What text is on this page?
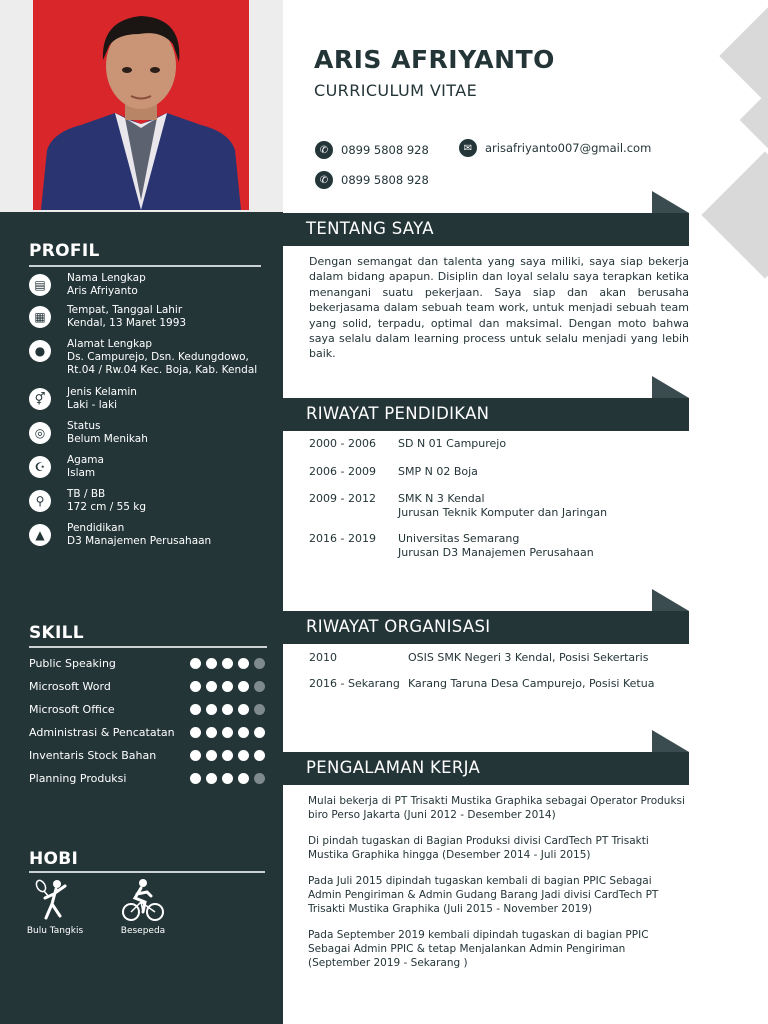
PROFIL
▤	Nama Lengkap
Aris Afriyanto
▦	Tempat, Tanggal Lahir
Kendal, 13 Maret 1993
●	Alamat Lengkap
Ds. Campurejo, Dsn. Kedungdowo, Rt.04 / Rw.04 Kec. Boja, Kab. Kendal
⚥	Jenis Kelamin
Laki - laki
◎	Status
Belum Menikah
☪	Agama
Islam
⚲	TB / BB
172 cm / 55 kg
▲	Pendidikan
D3 Manajemen Perusahaan
SKILL
Public Speaking
Microsoft Word
Microsoft Office
Administrasi & Pencatatan
Inventaris Stock Bahan
Planning Produksi
HOBI
Bulu Tangkis	Besepeda
ARIS AFRIYANTO
CURRICULUM VITAE
✆	0899 5808 928	✉	arisafriyanto007@gmail.com
✆	0899 5808 928
TENTANG SAYA

Dengan semangat dan talenta yang saya miliki, saya siap bekerja dalam bidang apapun. Disiplin dan loyal selalu saya terapkan ketika menangani suatu pekerjaan. Saya siap dan akan berusaha bekerjasama dalam sebuah team work, untuk menjadi sebuah team yang solid, terpadu, optimal dan maksimal. Dengan moto bahwa saya selalu dalam learning process untuk selalu menjadi yang lebih baik.

RIWAYAT PENDIDIKAN
2000 - 2006	SD N 01 Campurejo
2006 - 2009	SMP N 02 Boja
2009 - 2012	SMK N 3 Kendal
Jurusan Teknik Komputer dan Jaringan
2016 - 2019	Universitas Semarang
Jurusan D3 Manajemen Perusahaan
RIWAYAT ORGANISASI
2010	OSIS SMK Negeri 3 Kendal, Posisi Sekertaris
2016 - Sekarang Karang Taruna Desa Campurejo, Posisi Ketua
PENGALAMAN KERJA
Mulai bekerja di PT Trisakti Mustika Graphika sebagai Operator Produksi biro Perso Jakarta (Juni 2012 - Desember 2014)
Di pindah tugaskan di Bagian Produksi divisi CardTech PT Trisakti Mustika Graphika hingga (Desember 2014 - Juli 2015)
Pada Juli 2015 dipindah tugaskan kembali di bagian PPIC Sebagai Admin Pengiriman & Admin Gudang Barang Jadi divisi CardTech PT Trisakti Mustika Graphika (Juli 2015 - November 2019)
Pada September 2019 kembali dipindah tugaskan di bagian PPIC Sebagai Admin PPIC & tetap Menjalankan Admin Pengiriman (September 2019 - Sekarang )
